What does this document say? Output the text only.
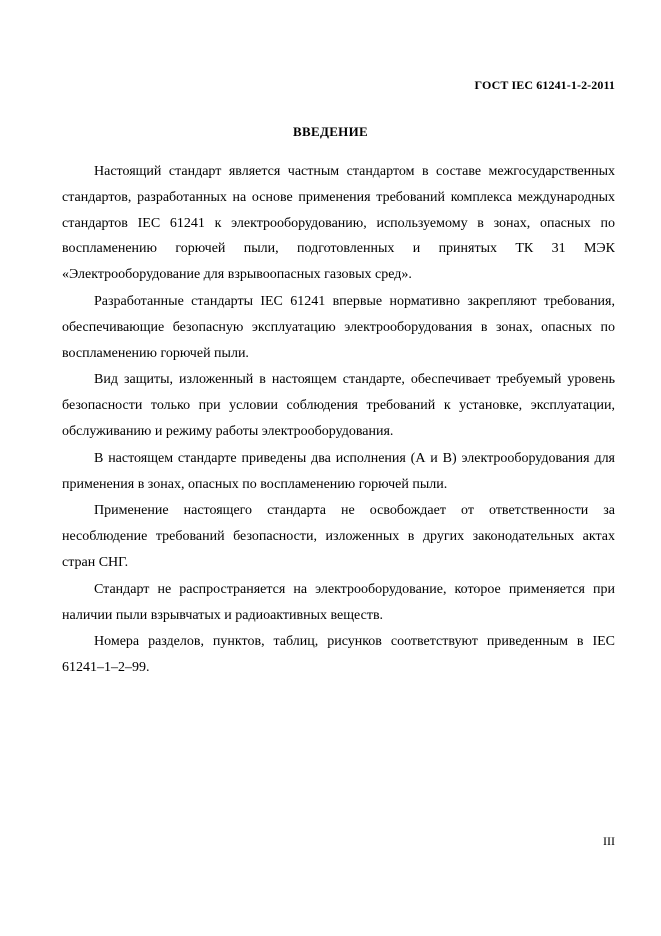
ГОСТ IEC 61241-1-2-2011
ВВЕДЕНИЕ

Настоящий стандарт является частным стандартом в составе межгосударственных стандартов, разработанных на основе применения требований комплекса международных стандартов IEC 61241 к электрооборудованию, используемому в зонах, опасных по воспламенению горючей пыли, подготовленных и принятых ТК 31 МЭК «Электрооборудование для взрывоопасных газовых сред».

Разработанные стандарты IEC 61241 впервые нормативно закрепляют требования, обеспечивающие безопасную эксплуатацию электрооборудования в зонах, опасных по воспламенению горючей пыли.

Вид защиты, изложенный в настоящем стандарте, обеспечивает требуемый уровень безопасности только при условии соблюдения требований к установке, эксплуатации, обслуживанию и режиму работы электрооборудования.

В настоящем стандарте приведены два исполнения (А и В) электрооборудования для применения в зонах, опасных по воспламенению горючей пыли.

Применение настоящего стандарта не освобождает от ответственности за несоблюдение требований безопасности, изложенных в других законодательных актах стран СНГ.

Стандарт не распространяется на электрооборудование, которое применяется при наличии пыли взрывчатых и радиоактивных веществ.

Номера разделов, пунктов, таблиц, рисунков соответствуют приведенным в IEC 61241–1–2–99.

III
